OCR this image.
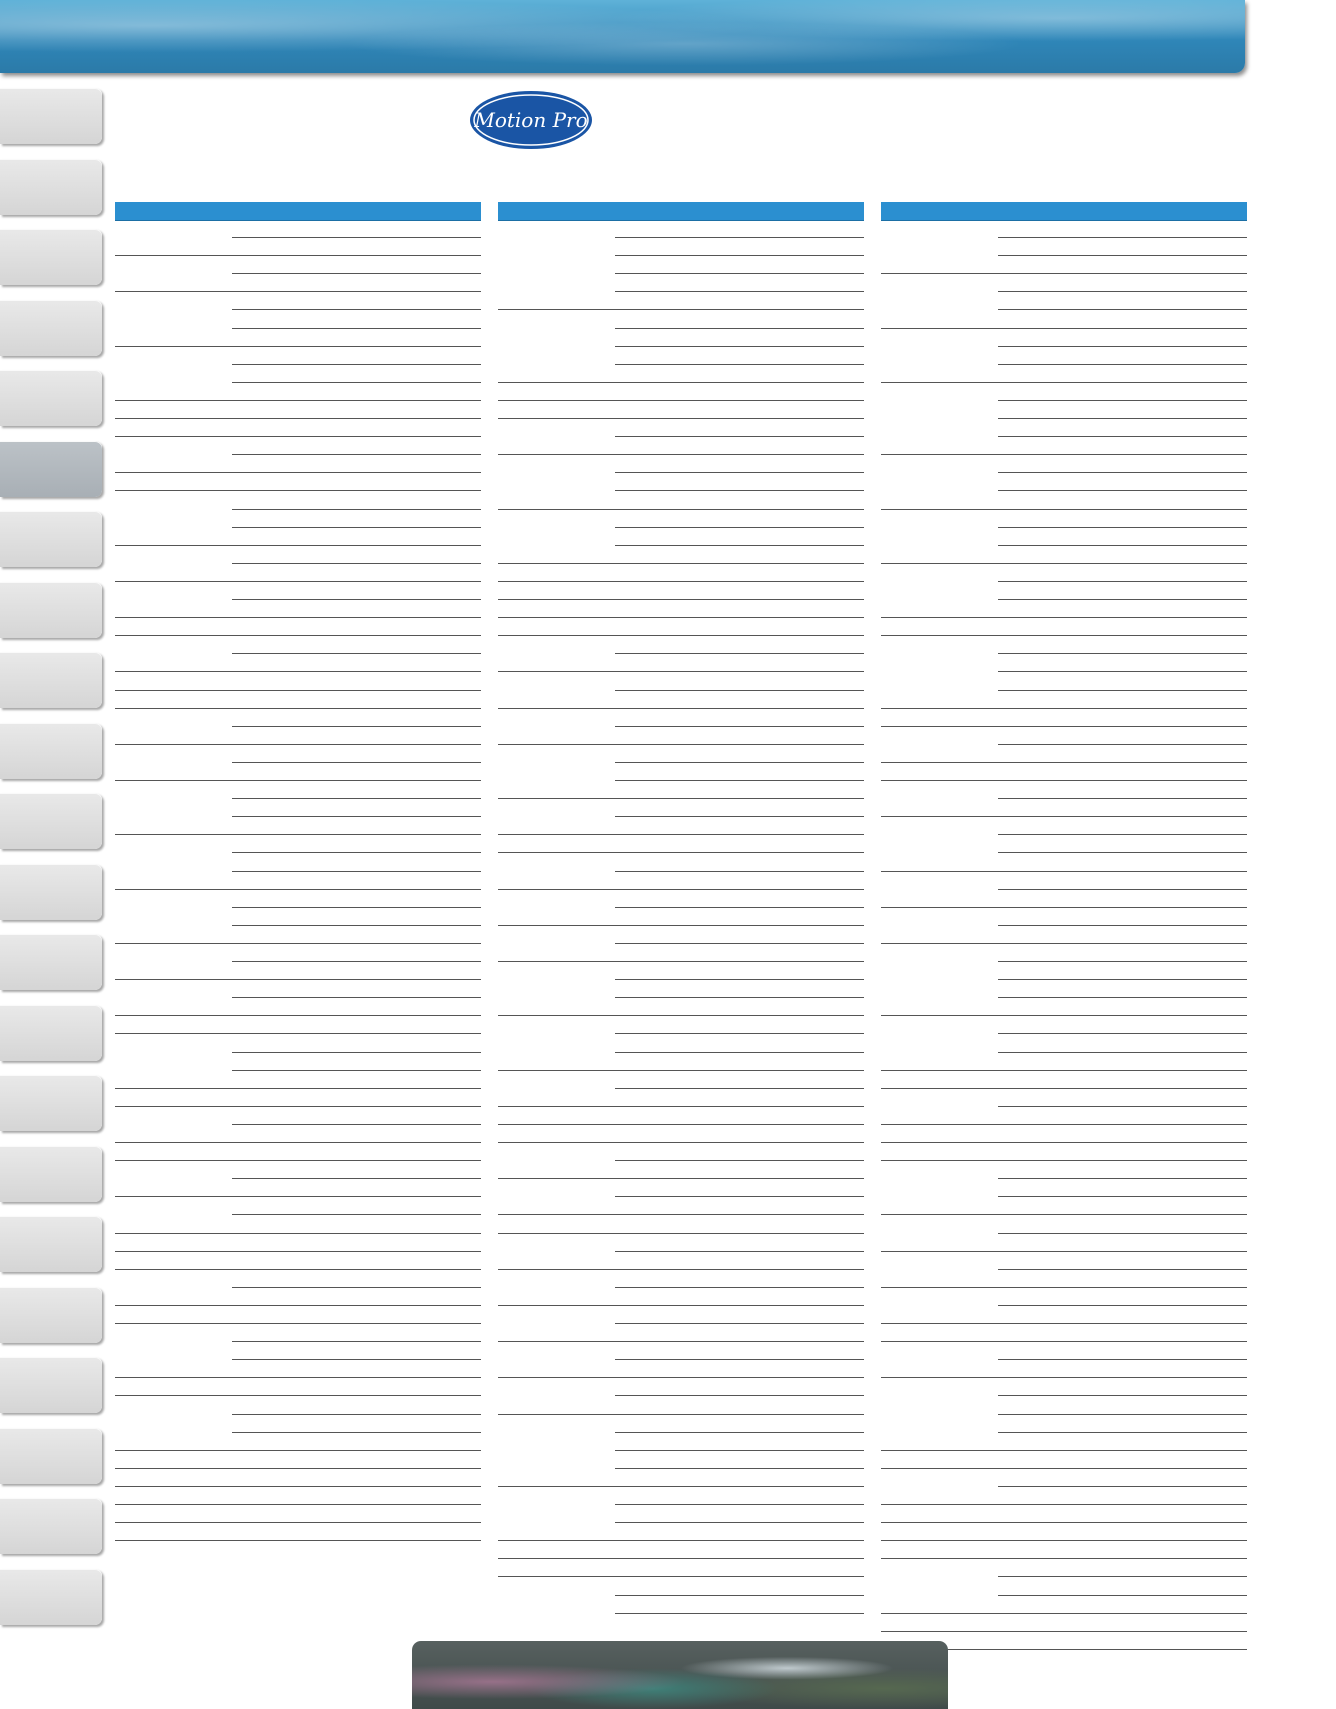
Motion Pro
